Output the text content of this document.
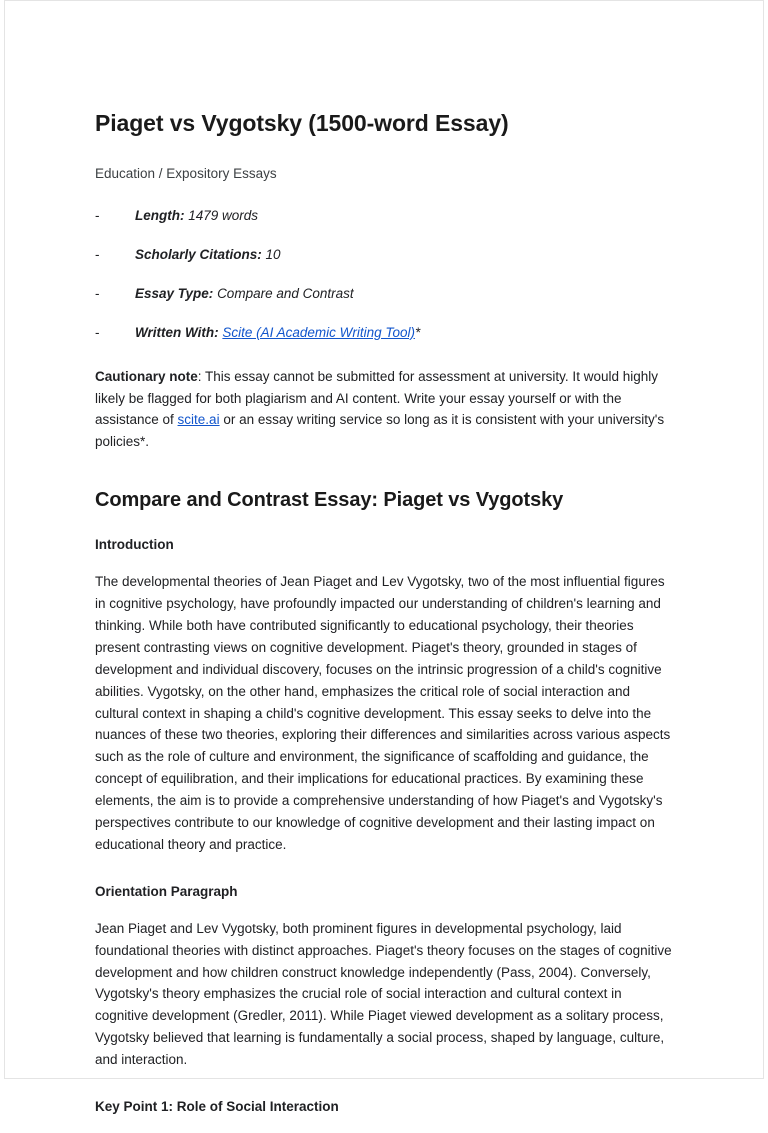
Piaget vs Vygotsky (1500-word Essay)
Education / Expository Essays
-	Length: 1479 words
-	Scholarly Citations: 10
-	Essay Type: Compare and Contrast
-	Written With: Scite (AI Academic Writing Tool)*

Cautionary note: This essay cannot be submitted for assessment at university. It would highly likely be flagged for both plagiarism and AI content. Write your essay yourself or with the assistance of scite.ai or an essay writing service so long as it is consistent with your university's policies*.

Compare and Contrast Essay: Piaget vs Vygotsky
Introduction

The developmental theories of Jean Piaget and Lev Vygotsky, two of the most influential figures in cognitive psychology, have profoundly impacted our understanding of children's learning and thinking. While both have contributed significantly to educational psychology, their theories present contrasting views on cognitive development. Piaget's theory, grounded in stages of development and individual discovery, focuses on the intrinsic progression of a child's cognitive abilities. Vygotsky, on the other hand, emphasizes the critical role of social interaction and cultural context in shaping a child's cognitive development. This essay seeks to delve into the nuances of these two theories, exploring their differences and similarities across various aspects such as the role of culture and environment, the significance of scaffolding and guidance, the concept of equilibration, and their implications for educational practices. By examining these elements, the aim is to provide a comprehensive understanding of how Piaget's and Vygotsky's perspectives contribute to our knowledge of cognitive development and their lasting impact on educational theory and practice.

Orientation Paragraph

Jean Piaget and Lev Vygotsky, both prominent figures in developmental psychology, laid foundational theories with distinct approaches. Piaget's theory focuses on the stages of cognitive development and how children construct knowledge independently (Pass, 2004). Conversely, Vygotsky's theory emphasizes the crucial role of social interaction and cultural context in cognitive development (Gredler, 2011). While Piaget viewed development as a solitary process, Vygotsky believed that learning is fundamentally a social process, shaped by language, culture, and interaction.

Key Point 1: Role of Social Interaction
